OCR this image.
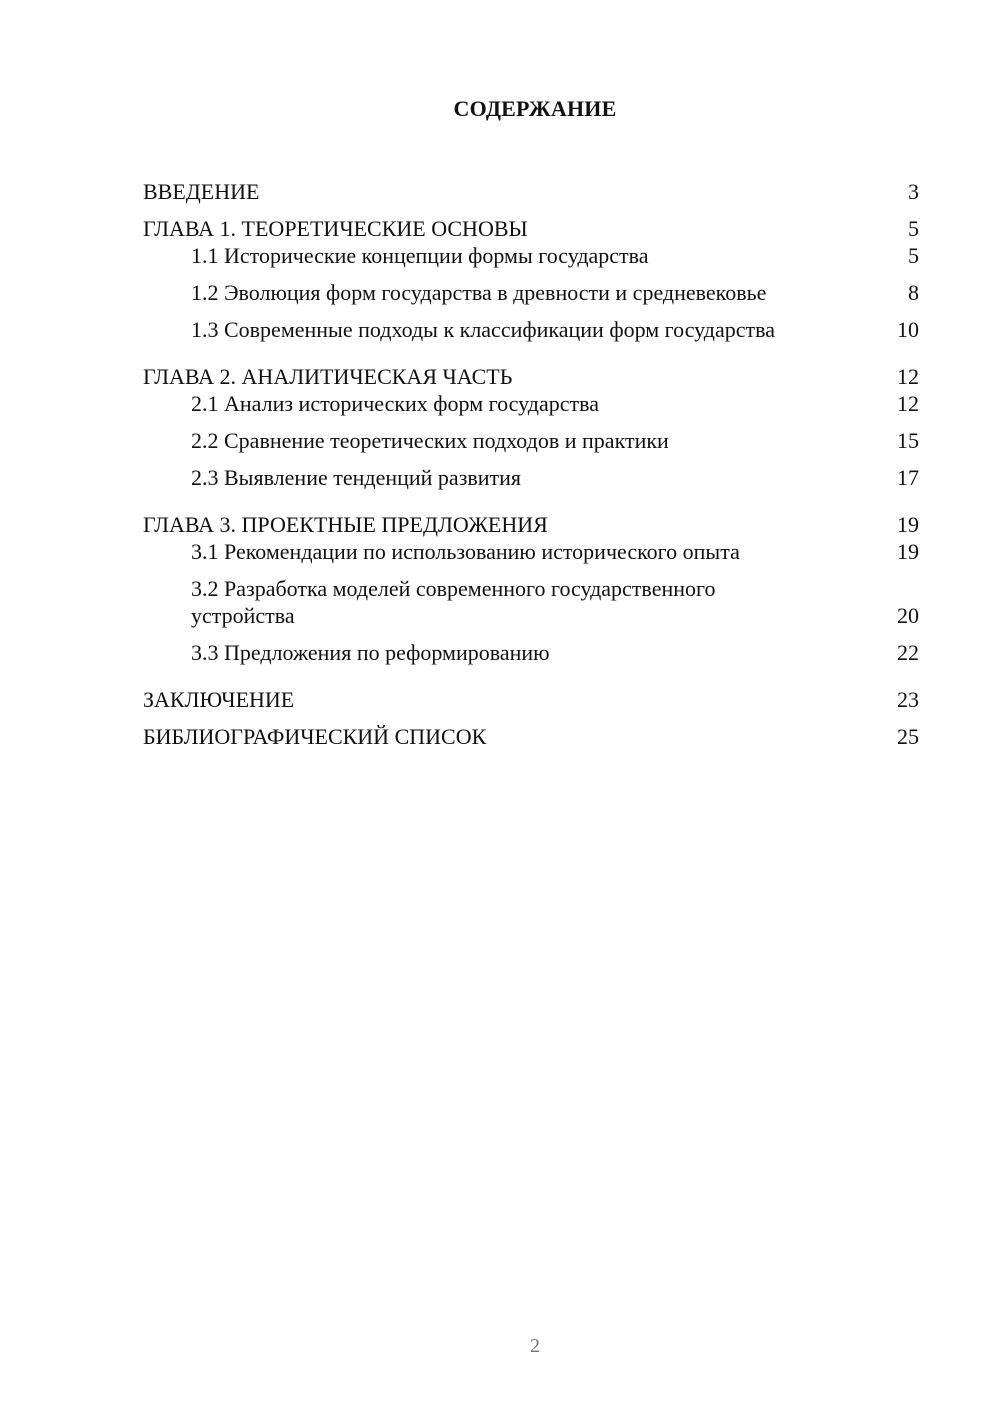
СОДЕРЖАНИЕ
ВВЕДЕНИЕ	3
ГЛАВА 1. ТЕОРЕТИЧЕСКИЕ ОСНОВЫ	5
1.1 Исторические концепции формы государства	5
1.2 Эволюция форм государства в древности и средневековье	8
1.3 Современные подходы к классификации форм государства	10
ГЛАВА 2. АНАЛИТИЧЕСКАЯ ЧАСТЬ	12
2.1 Анализ исторических форм государства	12
2.2 Сравнение теоретических подходов и практики	15
2.3 Выявление тенденций развития	17
ГЛАВА 3. ПРОЕКТНЫЕ ПРЕДЛОЖЕНИЯ	19
3.1 Рекомендации по использованию исторического опыта	19
3.2 Разработка моделей современного государственного устройства	20
3.3 Предложения по реформированию	22
ЗАКЛЮЧЕНИЕ	23
БИБЛИОГРАФИЧЕСКИЙ СПИСОК	25
2
